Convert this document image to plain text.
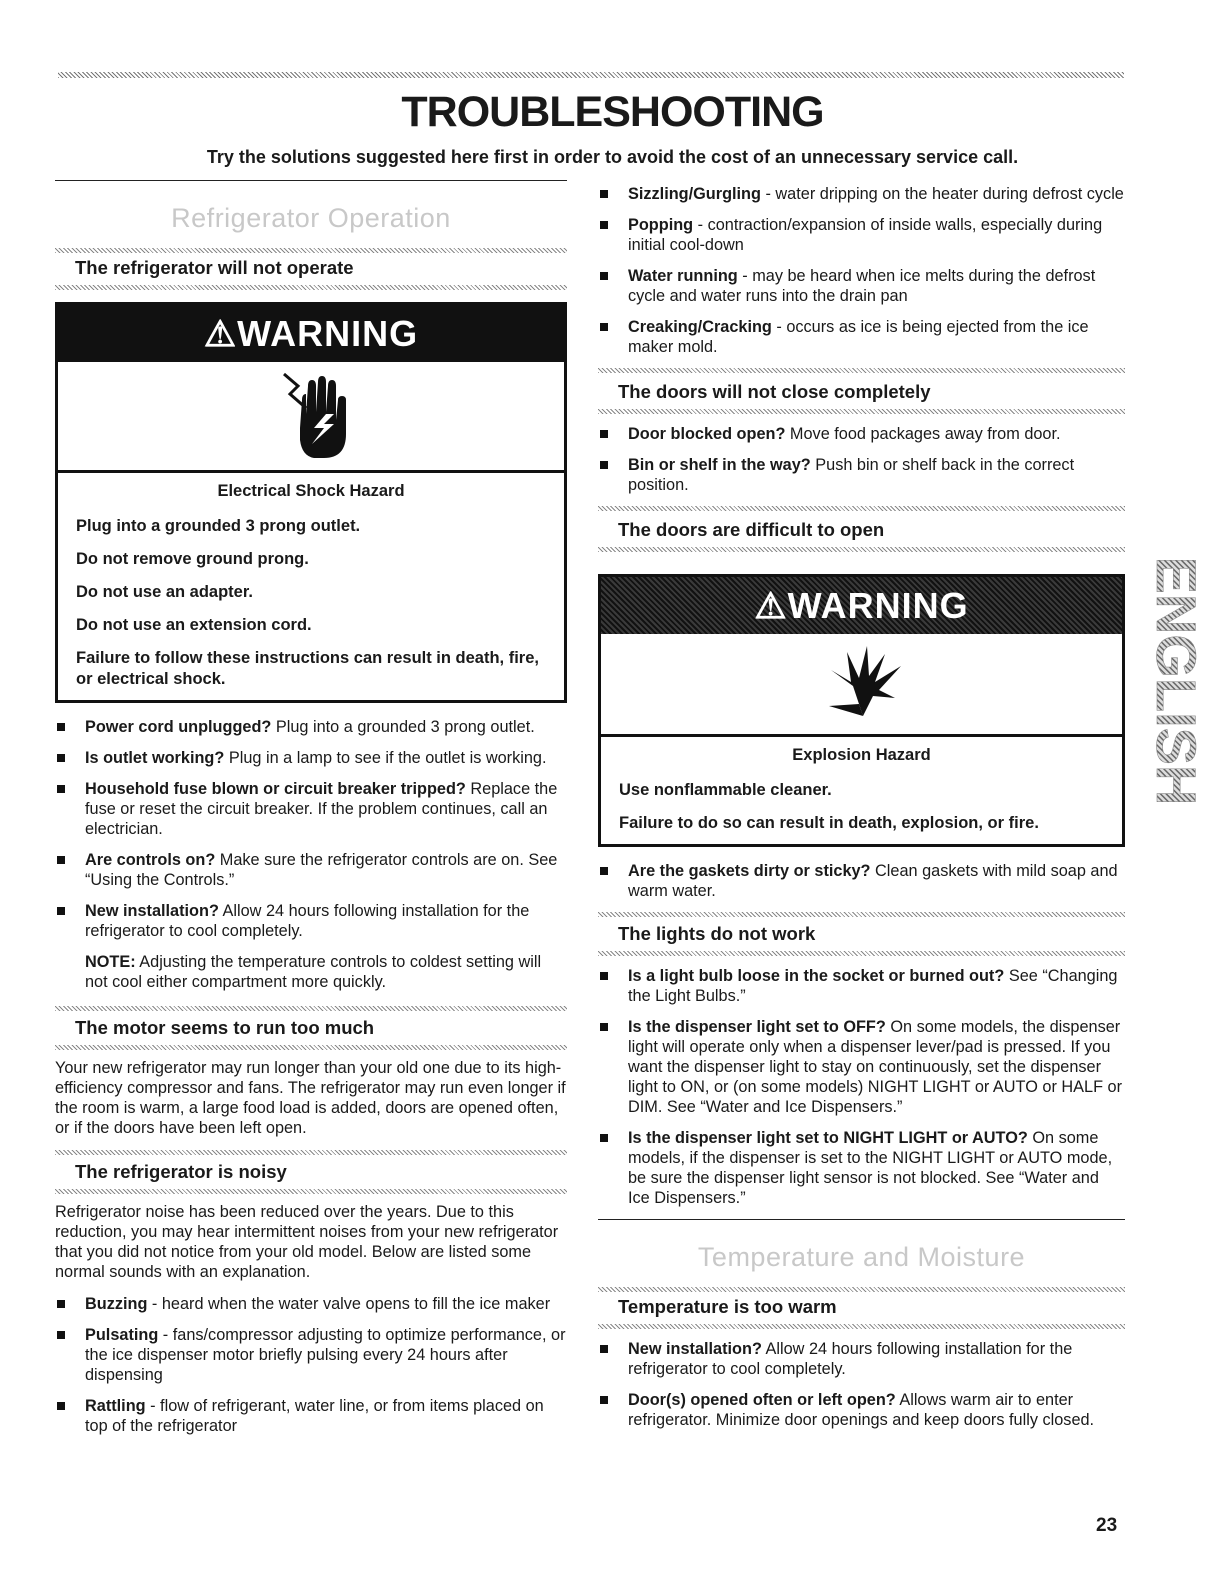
TROUBLESHOOTING
Try the solutions suggested here first in order to avoid the cost of an unnecessary service call.
Refrigerator Operation
The refrigerator will not operate
⚠WARNING

Electrical Shock Hazard

Plug into a grounded 3 prong outlet.

Do not remove ground prong.

Do not use an adapter.

Do not use an extension cord.

Failure to follow these instructions can result in death, fire, or electrical shock.

Power cord unplugged? Plug into a grounded 3 prong outlet.
Is outlet working? Plug in a lamp to see if the outlet is working.
Household fuse blown or circuit breaker tripped? Replace the fuse or reset the circuit breaker. If the problem continues, call an electrician.
Are controls on? Make sure the refrigerator controls are on. See “Using the Controls.”
New installation? Allow 24 hours following installation for the refrigerator to cool completely.

NOTE: Adjusting the temperature controls to coldest setting will not cool either compartment more quickly.

The motor seems to run too much

Your new refrigerator may run longer than your old one due to its high-efficiency compressor and fans. The refrigerator may run even longer if the room is warm, a large food load is added, doors are opened often, or if the doors have been left open.

The refrigerator is noisy

Refrigerator noise has been reduced over the years. Due to this reduction, you may hear intermittent noises from your new refrigerator that you did not notice from your old model. Below are listed some normal sounds with an explanation.

Buzzing - heard when the water valve opens to fill the ice maker
Pulsating - fans/compressor adjusting to optimize performance, or the ice dispenser motor briefly pulsing every 24 hours after dispensing
Rattling - flow of refrigerant, water line, or from items placed on top of the refrigerator
Sizzling/Gurgling - water dripping on the heater during defrost cycle
Popping - contraction/expansion of inside walls, especially during initial cool-down
Water running - may be heard when ice melts during the defrost cycle and water runs into the drain pan
Creaking/Cracking - occurs as ice is being ejected from the ice maker mold.
The doors will not close completely
Door blocked open? Move food packages away from door.
Bin or shelf in the way? Push bin or shelf back in the correct position.
The doors are difficult to open
⚠WARNING

Explosion Hazard

Use nonflammable cleaner.

Failure to do so can result in death, explosion, or fire.

Are the gaskets dirty or sticky? Clean gaskets with mild soap and warm water.
The lights do not work
Is a light bulb loose in the socket or burned out? See “Changing the Light Bulbs.”
Is the dispenser light set to OFF? On some models, the dispenser light will operate only when a dispenser lever/pad is pressed. If you want the dispenser light to stay on continuously, set the dispenser light to ON, or (on some models) NIGHT LIGHT or AUTO or HALF or DIM. See “Water and Ice Dispensers.”
Is the dispenser light set to NIGHT LIGHT or AUTO? On some models, if the dispenser is set to the NIGHT LIGHT or AUTO mode, be sure the dispenser light sensor is not blocked. See “Water and Ice Dispensers.”
Temperature and Moisture
Temperature is too warm
New installation? Allow 24 hours following installation for the refrigerator to cool completely.
Door(s) opened often or left open? Allows warm air to enter refrigerator. Minimize door openings and keep doors fully closed.
ENGLISH
23
